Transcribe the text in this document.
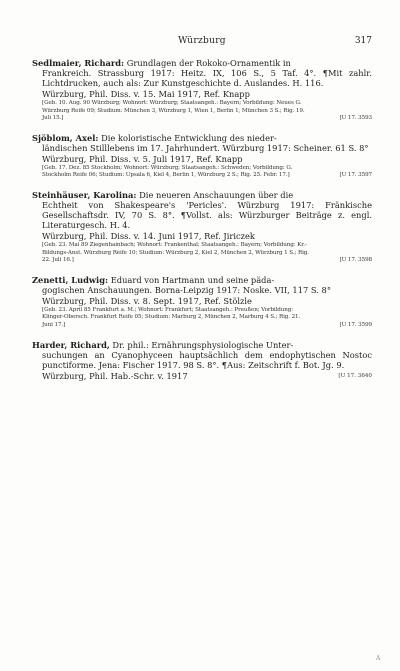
Würzburg	317
Sedlmaier, Richard: Grundlagen der Rokoko-Ornamentik in
Frankreich. Strassburg 1917: Heitz. IX, 106 S., 5 Taf. 4°. ¶Mit zahlr. Lichtdrucken, auch als: Zur Kunstgeschichte d. Auslandes. H. 116.
Würzburg, Phil. Diss. v. 15. Mai 1917, Ref. Knapp
[Geb. 10. Aug. 90 Würzburg; Wohnort: Würzburg; Staatsangeh.: Bayern; Vorbildung: Neues G. Würzburg Reife 09; Studium: München 3, Würzburg 1, Wien 1, Berlin 1, München 3 S.; Rig. 19. Juli 15.]	[U 17. 3593
Sjöblom, Axel: Die koloristische Entwicklung des nieder-
ländischen Stilllebens im 17. Jahrhundert. Würzburg 1917: Scheiner. 61 S. 8°
Würzburg, Phil. Diss. v. 5. Juli 1917, Ref. Knapp
[Geb. 17. Dez. 85 Stockholm; Wohnort: Würzburg; Staatsangeh.: Schweden; Vorbildung: G. Stockholm Reife 06; Studium: Upsala 6, Kiel 4, Berlin 1, Würzburg 2 S.; Rig. 25. Febr. 17.]	[U 17. 3597
Steinhäuser, Karolina: Die neueren Anschauungen über die
Echtheit von Shakespeare's 'Pericles'. Würzburg 1917: Fränkische Gesellschaftsdr. IV, 70 S. 8°. ¶Vollst. als: Würzburger Beiträge z. engl. Literaturgesch. H. 4.
Würzburg, Phil. Diss. v. 14. Juni 1917, Ref. Jiriczek
[Geb. 23. Mai 89 Ziegenhainbach; Wohnort: Frankenthal; Staatsangeh.: Bayern; Vorbildung: Kr.-Bildungs-Anst. Würzburg Reife 10; Studium: Würzburg 2, Kiel 2, München 2, Würzburg 1 S.; Rig. 22. Juli 16.]	[U 17. 3598
Zenetti, Ludwig: Eduard von Hartmann und seine päda-
gogischen Anschauungen. Borna-Leipzig 1917: Noske. VII, 117 S. 8°
Würzburg, Phil. Diss. v. 8. Sept. 1917, Ref. Stölzle
[Geb. 23. April 85 Frankfurt a. M.; Wohnort: Frankfurt; Staatsangeh.: Preußen; Vorbildung: Klinger-Obersch. Frankfurt Reife 05; Studium: Marburg 2, München 2, Marburg 4 S.; Rig. 21. Juni 17.]	[U 17. 3599
Harder, Richard, Dr. phil.: Ernährungsphysiologische Unter-
suchungen an Cyanophyceen hauptsächlich dem endophytischen Nostoc punctiforme. Jena: Fischer 1917. 98 S. 8°. ¶Aus: Zeitschrift f. Bot. Jg. 9.
Würzburg, Phil. Hab.-Schr. v. 1917	[U 17. 3640
A
